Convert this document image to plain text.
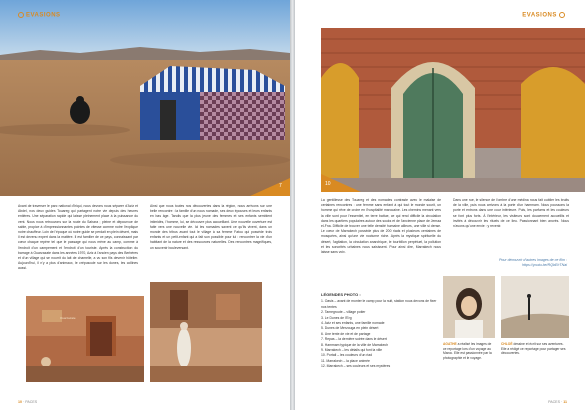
EVASIONS
7

Avant de traverser le parc national d'Iriqui, nous devons nous séparer d'Aziz et Abdel, nos deux guides Touareg qui partagent notre vie depuis des heures entières. Une séparation rapide qui laisse pleinement place à la puissance du vent. Nous nous retrouvons sur la route du Sahara ; pleine et dépourvue de sable, propice à d'impressionnantes pointes de vitesse comme notre l'explique notre chauffeur. Loin de l'époque où notre guide se perdait en plein désert, mais il est devenu expert dans la matière. Il est familier de ce pays, connaissant par cœur chaque repère tel que le passage qui nous mène au camp, comme à l'endroit d'un campement et l'endroit d'un touriste. Après la construction du barrage à Ouarzazate dans les années 1970, Aziz à l'ancien pays des Berbères et d'un village qui se nourrit du lait de chamelle, a vu son fils devenir hôtelier. Aujourd'hui, il n'y a plus d'animaux, le crépuscule sur les dunes, les collines aussi.

Ainsi que nous toutes nos découvertes dans la région, nous arrivons sur une belle rencontre : la famille d'un nous nomade, ses deux épouses et leurs enfants en bas âge. Tandis que la plus jeune des femmes et ses enfants semblent intimidés, l'homme, lui, se découvre plus accueillant. Une nouvelle ouverture est faite vers une nouvelle vie. Ici les nomades savent ce qu'ils vivent, dans un monde des tribus avant tout le village à sa femme Fatou qui possède trois enfants et un petit-enfant qui a fait son possible pour lui : rencontrer la vie d'un habitant de la nature et des ressources naturelles. Des rencontres magnifiques, un souvenir bouleversant.

Ouarzazate
10 · PACES
EVASIONS
10

La gentillesse des Touareg et des nomades contraste avec le malaise de certaines rencontres : une femme sans enfant à qui tout le monde sourit, un homme qui rêve de croire en l'hospitalité marocaine. Les chemins menant vers la ville sont pour l'essentiel, en terre battue, ce qui rend difficile la circulation dans les quartiers populaires autour des souks et de l'ancienne place de Jemaa el-Fna. Difficile de trouver une telle densité humaine ailleurs, une ville si dense. Le cœur de Marrakech possède plus de 200 riads et plusieurs centaines de mosquées, ainsi qu'une vie nocturne riche. Après la mystique spirituelle du désert, l'agitation, la circulation anarchique, le tourbillon perpétuel, la pollution et les sonorités urbaines nous saisissent. Pour ainsi dire, Marrakech nous laisse sans voix.

Dans une rue, le silence de l'ombre d'une médina nous fait oublier les bruits de la ville, puis nous arrivons à la porte d'un hammam. Nous poussons la porte et entrons dans une cour intérieure. Puis, les parfums et les couleurs se font plus forts. À l'intérieur, les visiteurs sont doucement accueillis et invités à découvrir les rituels de ce lieu. Passionnant bien ancrés. Nous n'avons qu'une envie : y revenir.

Pour découvrir d'autres images de ce film : https://youtu.be/RQbEhTNai
LÉGENDES PHOTO :
1. Oasis – avant de monter le camp pour la nuit, station nous devons de fixer nos tentes
2. Tamegroute – village potier
3. Le Dunes de l'Erg
4. Aziz et ses enfants, une famille nomade
5. Dunes de Merzouga en plein désert
6. Une tente de vie et de partage
7. Repas – la dernière soirée dans le désert
8. Hammam typique de la ville de Marrakech
9. Marrakech – les détails qui font la ville
10. Portail – les couleurs d'un riad
11. Marrakech – la place animée
12. Marrakech – ses couleurs et ses mystères
AGATHE a réalisé les images de ce reportage lors d'un voyage au Maroc. Elle est passionnée par la photographie et le voyage.
CHLOÉ dessine et écrit sur ses aventures. Elle a rédigé ce reportage pour partager ses découvertes.
PACES · 11
